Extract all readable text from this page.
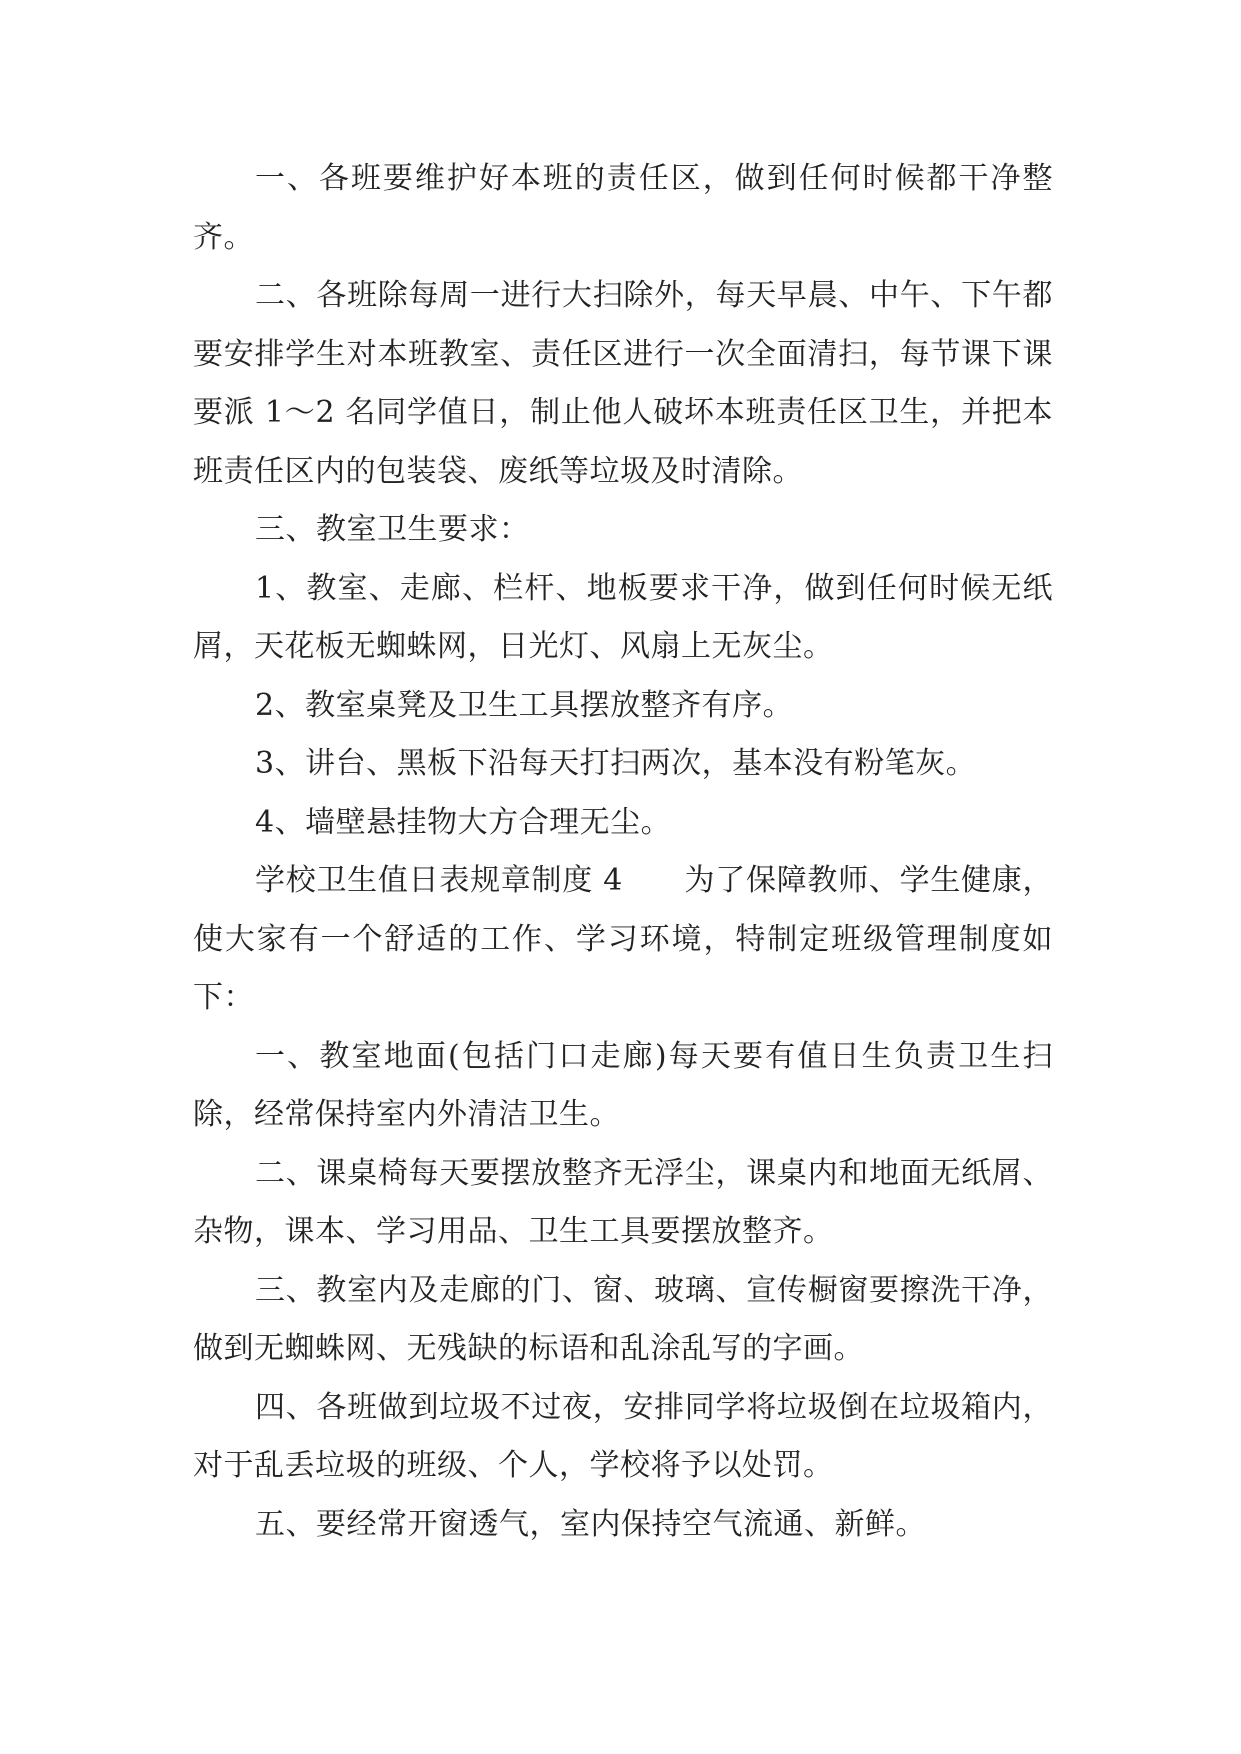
一、各班要维护好本班的责任区，做到任何时候都干净整齐。

二、各班除每周一进行大扫除外，每天早晨、中午、下午都要安排学生对本班教室、责任区进行一次全面清扫，每节课下课要派 1～2 名同学值日，制止他人破坏本班责任区卫生，并把本班责任区内的包装袋、废纸等垃圾及时清除。

三、教室卫生要求：

1、教室、走廊、栏杆、地板要求干净，做到任何时候无纸屑，天花板无蜘蛛网，日光灯、风扇上无灰尘。

2、教室桌凳及卫生工具摆放整齐有序。

3、讲台、黑板下沿每天打扫两次，基本没有粉笔灰。

4、墙壁悬挂物大方合理无尘。

学校卫生值日表规章制度 4　　为了保障教师、学生健康，使大家有一个舒适的工作、学习环境，特制定班级管理制度如下：

一、教室地面(包括门口走廊)每天要有值日生负责卫生扫除，经常保持室内外清洁卫生。

二、课桌椅每天要摆放整齐无浮尘，课桌内和地面无纸屑、杂物，课本、学习用品、卫生工具要摆放整齐。

三、教室内及走廊的门、窗、玻璃、宣传橱窗要擦洗干净，做到无蜘蛛网、无残缺的标语和乱涂乱写的字画。

四、各班做到垃圾不过夜，安排同学将垃圾倒在垃圾箱内，对于乱丢垃圾的班级、个人，学校将予以处罚。

五、要经常开窗透气，室内保持空气流通、新鲜。
